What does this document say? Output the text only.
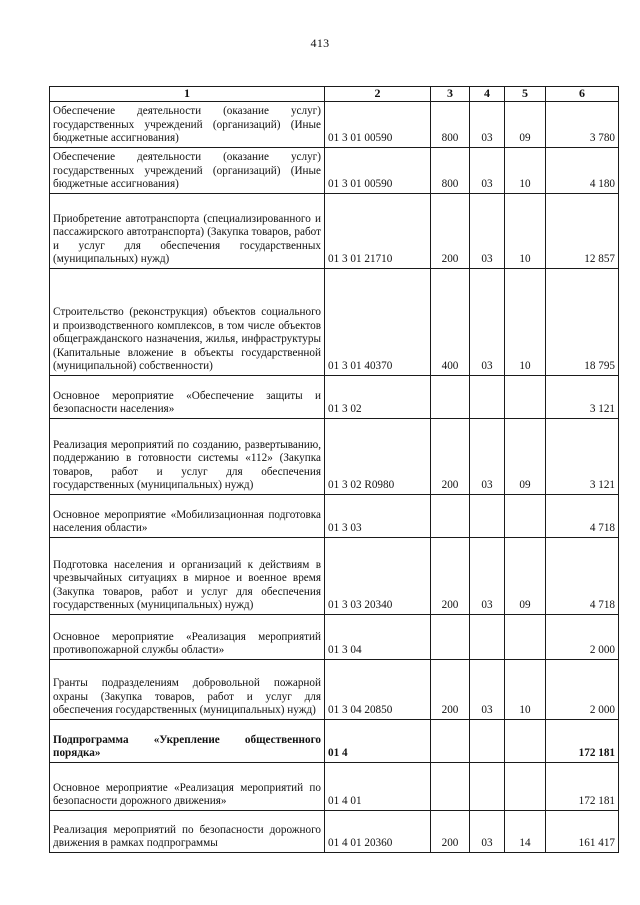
413
1	2	3	4	5	6
Обеспечение деятельности (оказание услуг) государственных учреждений (организаций) (Иные бюджетные ассигнования)	01 3 01 00590	800	03	09	3 780
Обеспечение деятельности (оказание услуг) государственных учреждений (организаций) (Иные бюджетные ассигнования)	01 3 01 00590	800	03	10	4 180
Приобретение автотранспорта (специализированного и пассажирского автотранспорта) (Закупка товаров, работ и услуг для обеспечения государственных (муниципальных) нужд)	01 3 01 21710	200	03	10	12 857
Строительство (реконструкция) объектов социального и производственного комплексов, в том числе объектов общегражданского назначения, жилья, инфраструктуры (Капитальные вложение в объекты государственной (муниципальной) собственности)	01 3 01 40370	400	03	10	18 795
Основное мероприятие «Обеспечение защиты и безопасности населения»	01 3 02				3 121
Реализация мероприятий по созданию, развертыванию, поддержанию в готовности системы «112» (Закупка товаров, работ и услуг для обеспечения государственных (муниципальных) нужд)	01 3 02 R0980	200	03	09	3 121
Основное мероприятие «Мобилизационная подготовка населения области»	01 3 03				4 718
Подготовка населения и организаций к действиям в чрезвычайных ситуациях в мирное и военное время (Закупка товаров, работ и услуг для обеспечения государственных (муниципальных) нужд)	01 3 03 20340	200	03	09	4 718
Основное мероприятие «Реализация мероприятий противопожарной службы области»	01 3 04				2 000
Гранты подразделениям добровольной пожарной охраны (Закупка товаров, работ и услуг для обеспечения государственных (муниципальных) нужд)	01 3 04 20850	200	03	10	2 000
Подпрограмма «Укрепление общественного порядка»	01 4				172 181
Основное мероприятие «Реализация мероприятий по безопасности дорожного движения»	01 4 01				172 181
Реализация мероприятий по безопасности дорожного движения в рамках подпрограммы	01 4 01 20360	200	03	14	161 417
